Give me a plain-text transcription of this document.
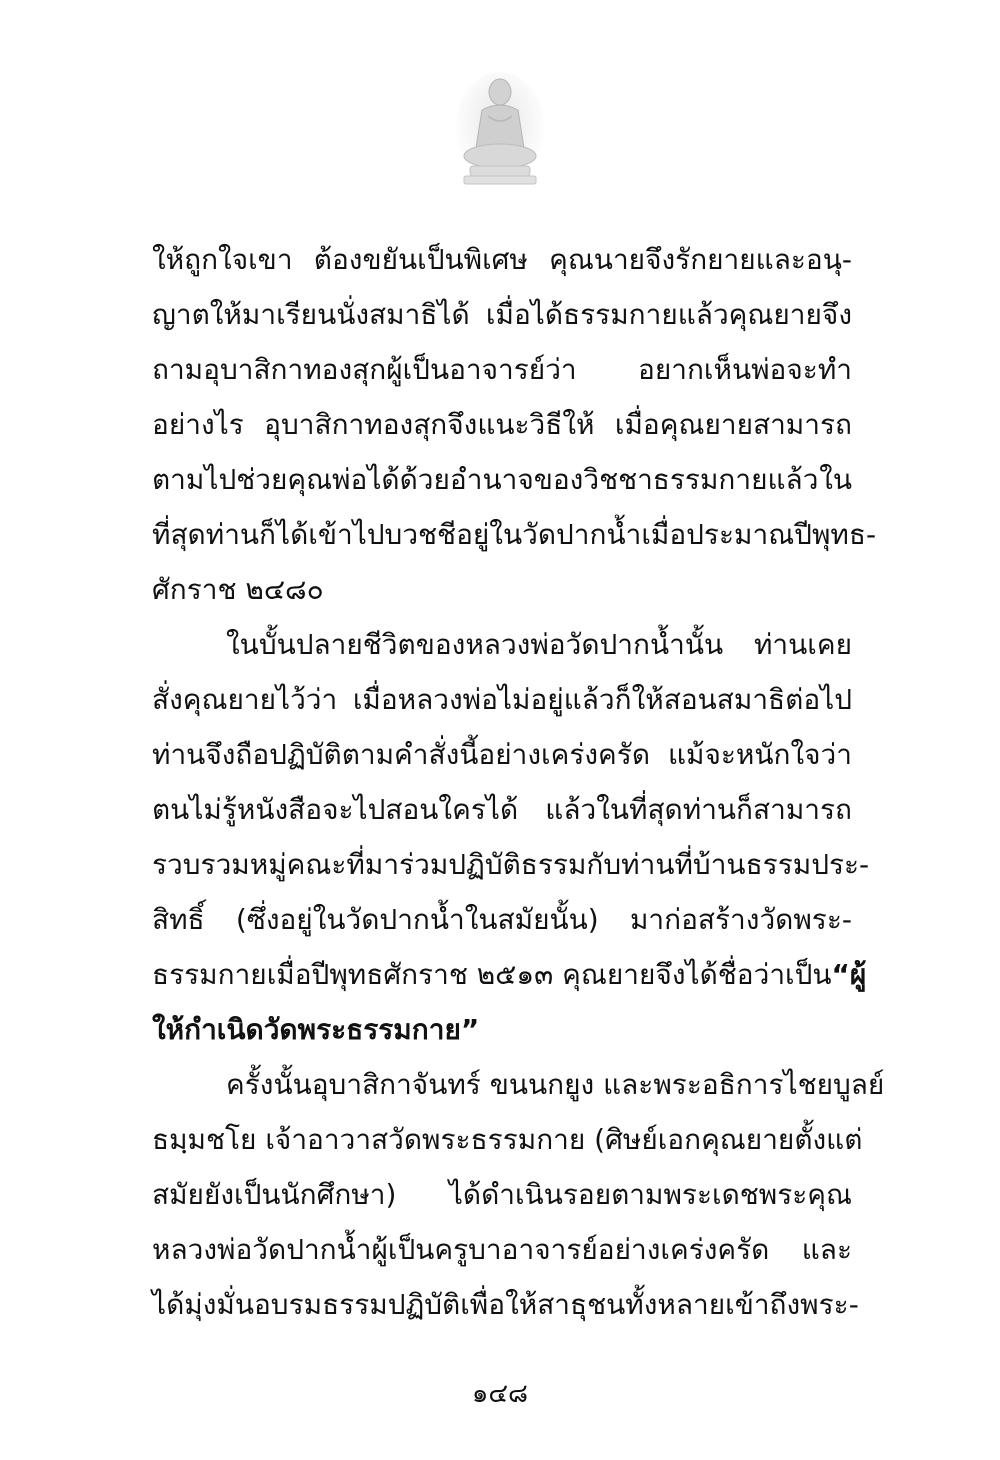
ให้ถูกใจเขา ต้องขยันเป็นพิเศษ คุณนายจึงรักยายและอนุ-
ญาตให้มาเรียนนั่งสมาธิได้ เมื่อได้ธรรมกายแล้วคุณยายจึง
ถามอุบาสิกาทองสุกผู้เป็นอาจารย์ว่า อยากเห็นพ่อจะทำ
อย่างไร อุบาสิกาทองสุกจึงแนะวิธีให้ เมื่อคุณยายสามารถ
ตามไปช่วยคุณพ่อได้ด้วยอำนาจของวิชชาธรรมกายแล้ว ใน
ที่สุดท่านก็ได้เข้าไปบวชชีอยู่ในวัดปากน้ำเมื่อประมาณปีพุทธ-
ศักราช ๒๔๘๐
ในบั้นปลายชีวิตของหลวงพ่อวัดปากน้ำนั้น ท่านเคย
สั่งคุณยายไว้ว่า เมื่อหลวงพ่อไม่อยู่แล้วก็ให้สอนสมาธิต่อไป
ท่านจึงถือปฏิบัติตามคำสั่งนี้อย่างเคร่งครัด แม้จะหนักใจว่า
ตนไม่รู้หนังสือจะไปสอนใครได้ แล้วในที่สุดท่านก็สามารถ
รวบรวมหมู่คณะที่มาร่วมปฏิบัติธรรมกับท่านที่บ้านธรรมประ-
สิทธิ์ (ซึ่งอยู่ในวัดปากน้ำในสมัยนั้น) มาก่อสร้างวัดพระ-
ธรรมกายเมื่อปีพุทธศักราช ๒๕๑๓ คุณยายจึงได้ชื่อว่าเป็น “ผู้
ให้กำเนิดวัดพระธรรมกาย”
ครั้งนั้นอุบาสิกาจันทร์ ขนนกยูง และพระอธิการไชยบูลย์
ธมฺมชโย เจ้าอาวาสวัดพระธรรมกาย (ศิษย์เอกคุณยายตั้งแต่
สมัยยังเป็นนักศึกษา) ได้ดำเนินรอยตามพระเดชพระคุณ
หลวงพ่อวัดปากน้ำผู้เป็นครูบาอาจารย์อย่างเคร่งครัด และ
ได้มุ่งมั่นอบรมธรรมปฏิบัติเพื่อให้สาธุชนทั้งหลายเข้าถึงพระ-
๑๔๘
